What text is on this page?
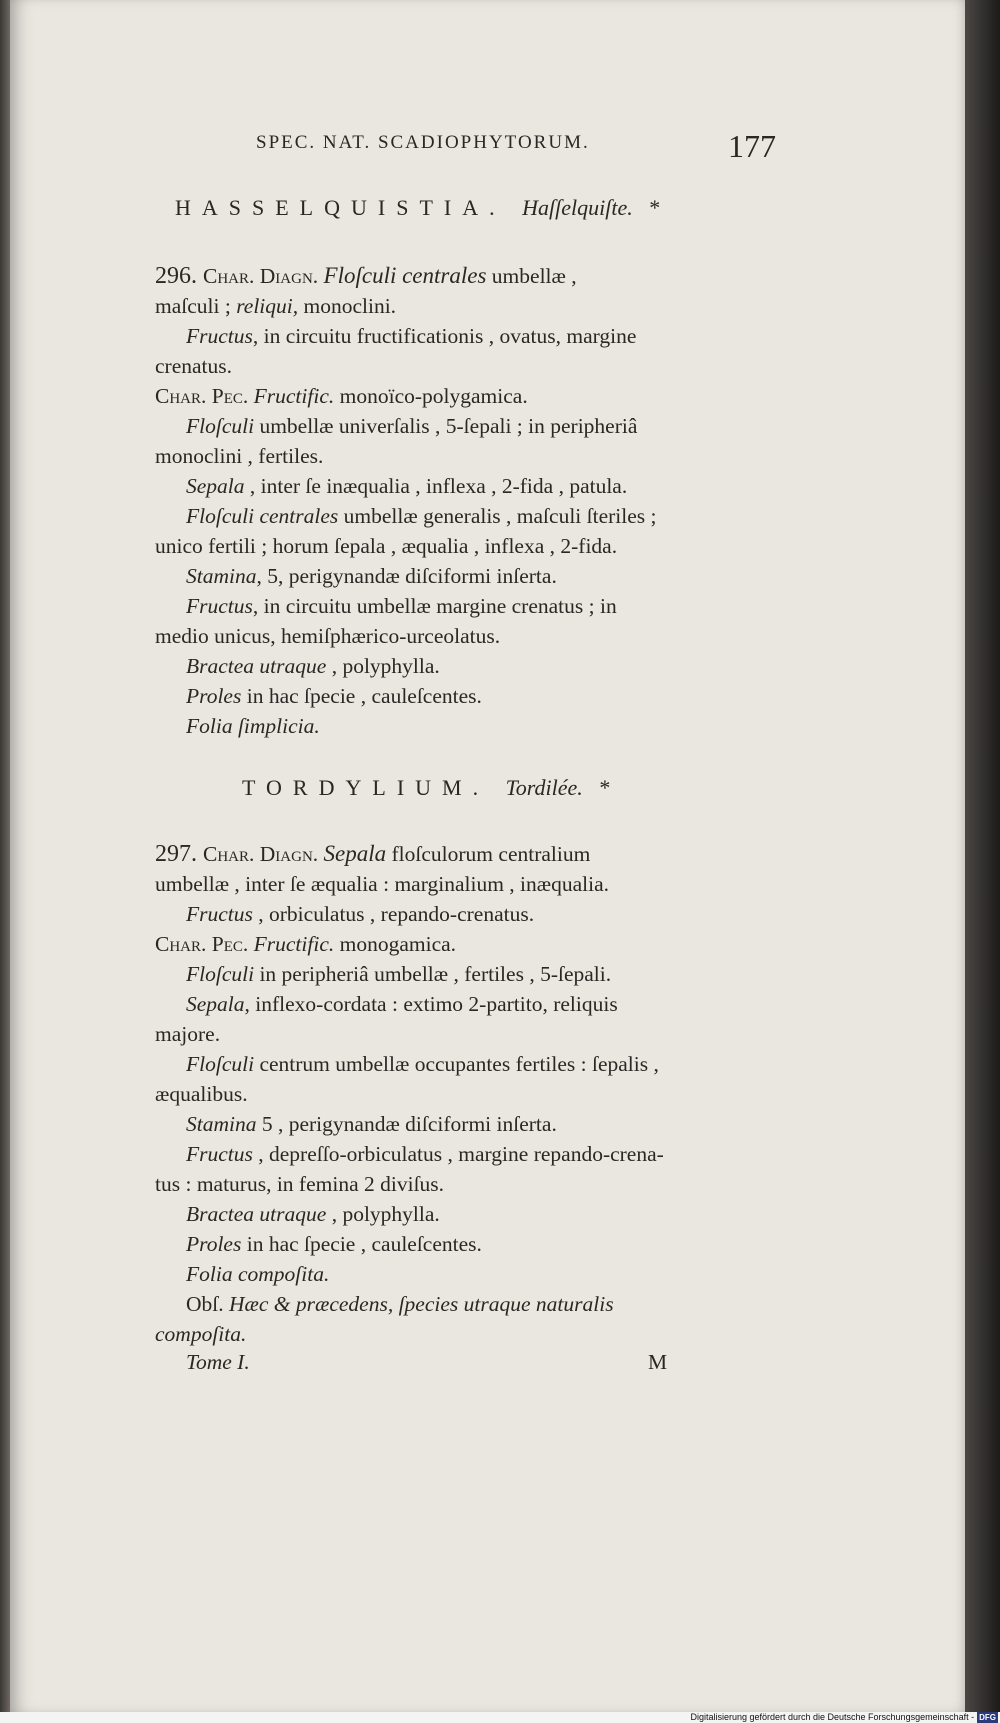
SPEC. NAT. SCADIOPHYTORUM.	177
HASSELQUISTIA. Haſſelquiſte. *
296. Char. Diagn. Floſculi centrales umbellæ ,
maſculi ; reliqui, monoclini.
Fructus, in circuitu fructificationis , ovatus, margine
crenatus.
Char. Pec. Fructific. monoïco-polygamica.
Floſculi umbellæ univerſalis , 5-ſepali ; in peripheriâ
monoclini , fertiles.
Sepala , inter ſe inæqualia , inflexa , 2-fida , patula.
Floſculi centrales umbellæ generalis , maſculi ſteriles ;
unico fertili ; horum ſepala , æqualia , inflexa , 2-fida.
Stamina, 5, perigynandæ diſciformi inſerta.
Fructus, in circuitu umbellæ margine crenatus ; in
medio unicus, hemiſphærico-urceolatus.
Bractea utraque , polyphylla.
Proles in hac ſpecie , cauleſcentes.
Folia ſimplicia.
TORDYLIUM. Tordilée. *
297. Char. Diagn. Sepala floſculorum centralium
umbellæ , inter ſe æqualia : marginalium , inæqualia.
Fructus , orbiculatus , repando-crenatus.
Char. Pec. Fructific. monogamica.
Floſculi in peripheriâ umbellæ , fertiles , 5-ſepali.
Sepala, inflexo-cordata : extimo 2-partito, reliquis
majore.
Floſculi centrum umbellæ occupantes fertiles : ſepalis ,
æqualibus.
Stamina 5 , perigynandæ diſciformi inſerta.
Fructus , depreſſo-orbiculatus , margine repando-crena-
tus : maturus, in femina 2 diviſus.
Bractea utraque , polyphylla.
Proles in hac ſpecie , cauleſcentes.
Folia compoſita.
Obſ. Hæc & præcedens, ſpecies utraque naturalis
compoſita.
Tome I.	M
Digitalisierung gefördert durch die Deutsche Forschungsgemeinschaft - DFG
